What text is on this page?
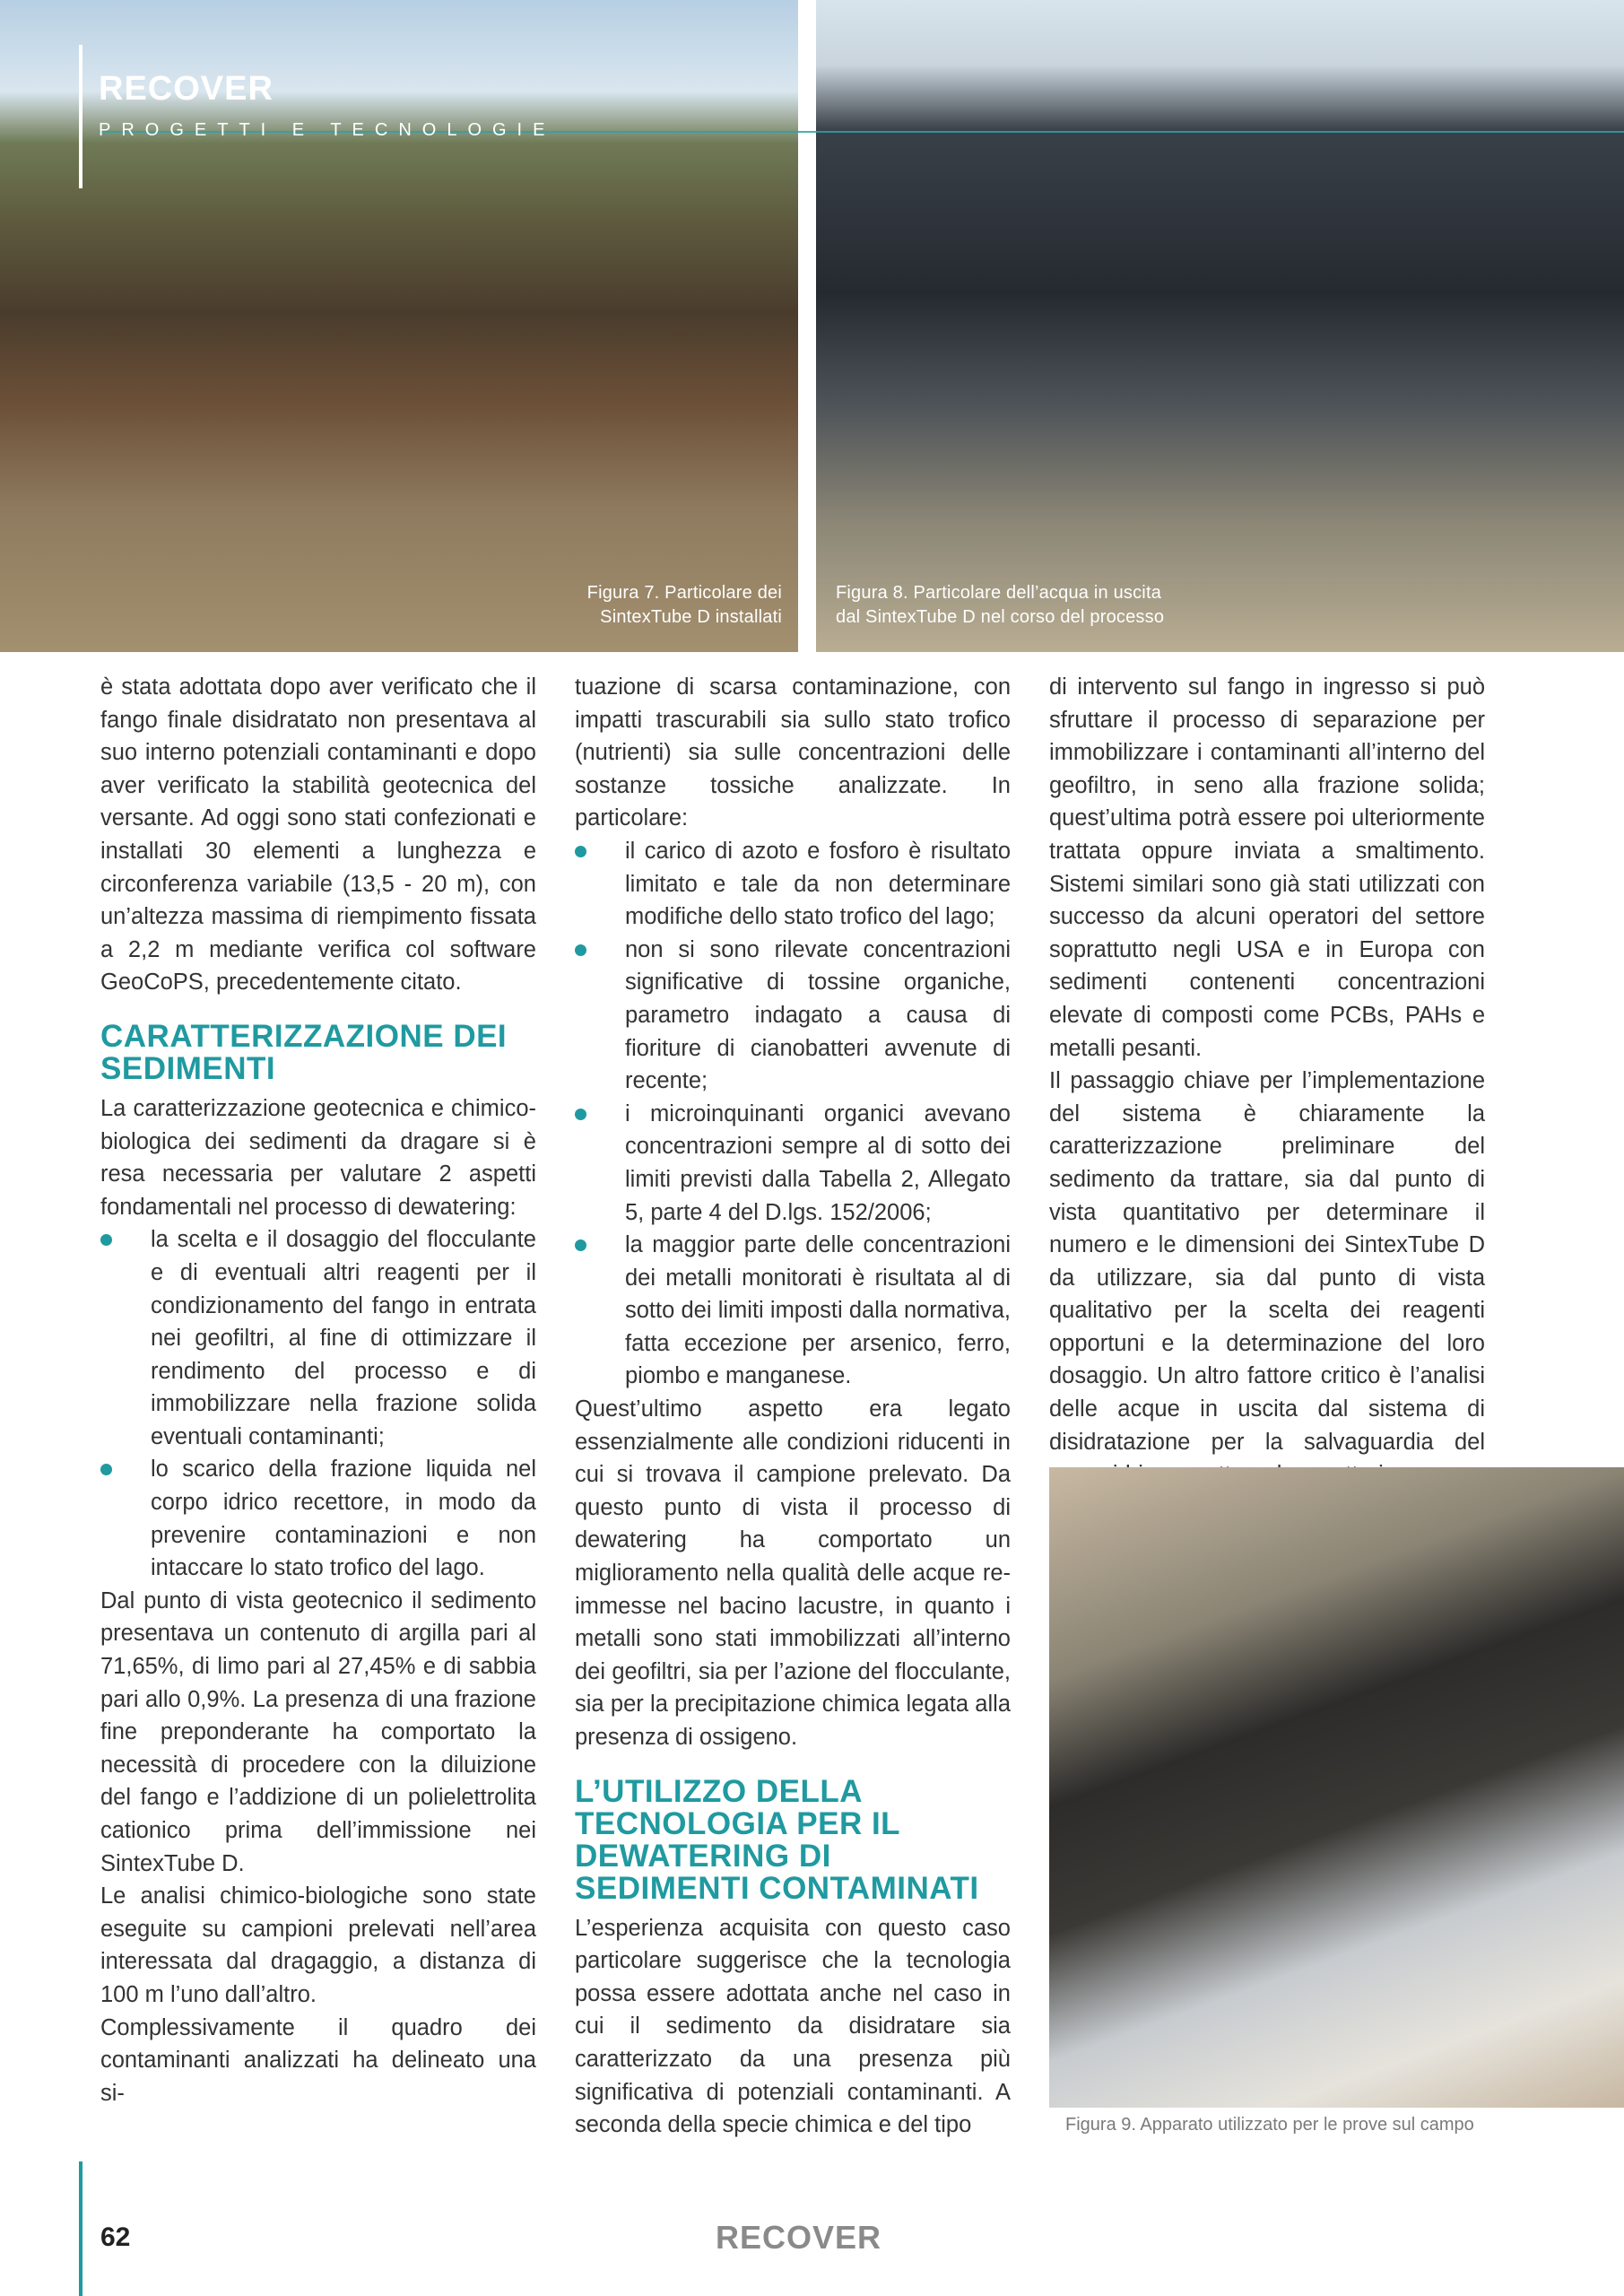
RECOVER
PROGETTI E TECNOLOGIE
Figura 7. Particolare dei SintexTube D installati
Figura 8. Particolare dell’acqua in uscita dal SintexTube D nel corso del processo

è stata adottata dopo aver verificato che il fango finale disidratato non presentava al suo interno potenziali contaminanti e dopo aver verificato la stabilità geotecnica del versante. Ad oggi sono stati confezionati e installati 30 elementi a lunghezza e circonferenza variabile (13,5 - 20 m), con un’altezza massima di riempimento fissata a 2,2 m mediante verifica col software GeoCoPS, precedentemente citato.

CARATTERIZZAZIONE DEI SEDIMENTI

La caratterizzazione geotecnica e chimico-biologica dei sedimenti da dragare si è resa necessaria per valutare 2 aspetti fondamentali nel processo di dewatering:

la scelta e il dosaggio del flocculante e di eventuali altri reagenti per il condizionamento del fango in entrata nei geofiltri, al fine di ottimizzare il rendimento del processo e di immobilizzare nella frazione solida eventuali contaminanti;
lo scarico della frazione liquida nel corpo idrico recettore, in modo da prevenire contaminazioni e non intaccare lo stato trofico del lago.

Dal punto di vista geotecnico il sedimento presentava un contenuto di argilla pari al 71,65%, di limo pari al 27,45% e di sabbia pari allo 0,9%. La presenza di una frazione fine preponderante ha comportato la necessità di procedere con la diluizione del fango e l’addizione di un polielettrolita cationico prima dell’immissione nei SintexTube D.

Le analisi chimico-biologiche sono state eseguite su campioni prelevati nell’area interessata dal dragaggio, a distanza di 100 m l’uno dall’altro.

Complessivamente il quadro dei contaminanti analizzati ha delineato una si-

tuazione di scarsa contaminazione, con impatti trascurabili sia sullo stato trofico (nutrienti) sia sulle concentrazioni delle sostanze tossiche analizzate. In particolare:

il carico di azoto e fosforo è risultato limitato e tale da non determinare modifiche dello stato trofico del lago;
non si sono rilevate concentrazioni significative di tossine organiche, parametro indagato a causa di fioriture di cianobatteri avvenute di recente;
i microinquinanti organici avevano concentrazioni sempre al di sotto dei limiti previsti dalla Tabella 2, Allegato 5, parte 4 del D.lgs. 152/2006;
la maggior parte delle concentrazioni dei metalli monitorati è risultata al di sotto dei limiti imposti dalla normativa, fatta eccezione per arsenico, ferro, piombo e manganese.

Quest’ultimo aspetto era legato essenzialmente alle condizioni riducenti in cui si trovava il campione prelevato. Da questo punto di vista il processo di dewatering ha comportato un miglioramento nella qualità delle acque re-immesse nel bacino lacustre, in quanto i metalli sono stati immobilizzati all’interno dei geofiltri, sia per l’azione del flocculante, sia per la precipitazione chimica legata alla presenza di ossigeno.

L’UTILIZZO DELLA TECNOLOGIA PER IL DEWATERING DI SEDIMENTI CONTAMINATI

L’esperienza acquisita con questo caso particolare suggerisce che la tecnologia possa essere adottata anche nel caso in cui il sedimento da disidratare sia caratterizzato da una presenza più significativa di potenziali contaminanti. A seconda della specie chimica e del tipo

di intervento sul fango in ingresso si può sfruttare il processo di separazione per immobilizzare i contaminanti all’interno del geofiltro, in seno alla frazione solida; quest’ultima potrà essere poi ulteriormente trattata oppure inviata a smaltimento. Sistemi similari sono già stati utilizzati con successo da alcuni operatori del settore soprattutto negli USA e in Europa con sedimenti contenenti concentrazioni elevate di composti come PCBs, PAHs e metalli pesanti.

Il passaggio chiave per l’implementazione del sistema è chiaramente la caratterizzazione preliminare del sedimento da trattare, sia dal punto di vista quantitativo per determinare il numero e le dimensioni dei SintexTube D da utilizzare, sia dal punto di vista qualitativo per la scelta dei reagenti opportuni e la determinazione del loro dosaggio. Un altro fattore critico è l’analisi delle acque in uscita dal sistema di disidratazione per la salvaguardia del

Figura 9. Apparato utilizzato per le prove sul campo
62	RECOVER
